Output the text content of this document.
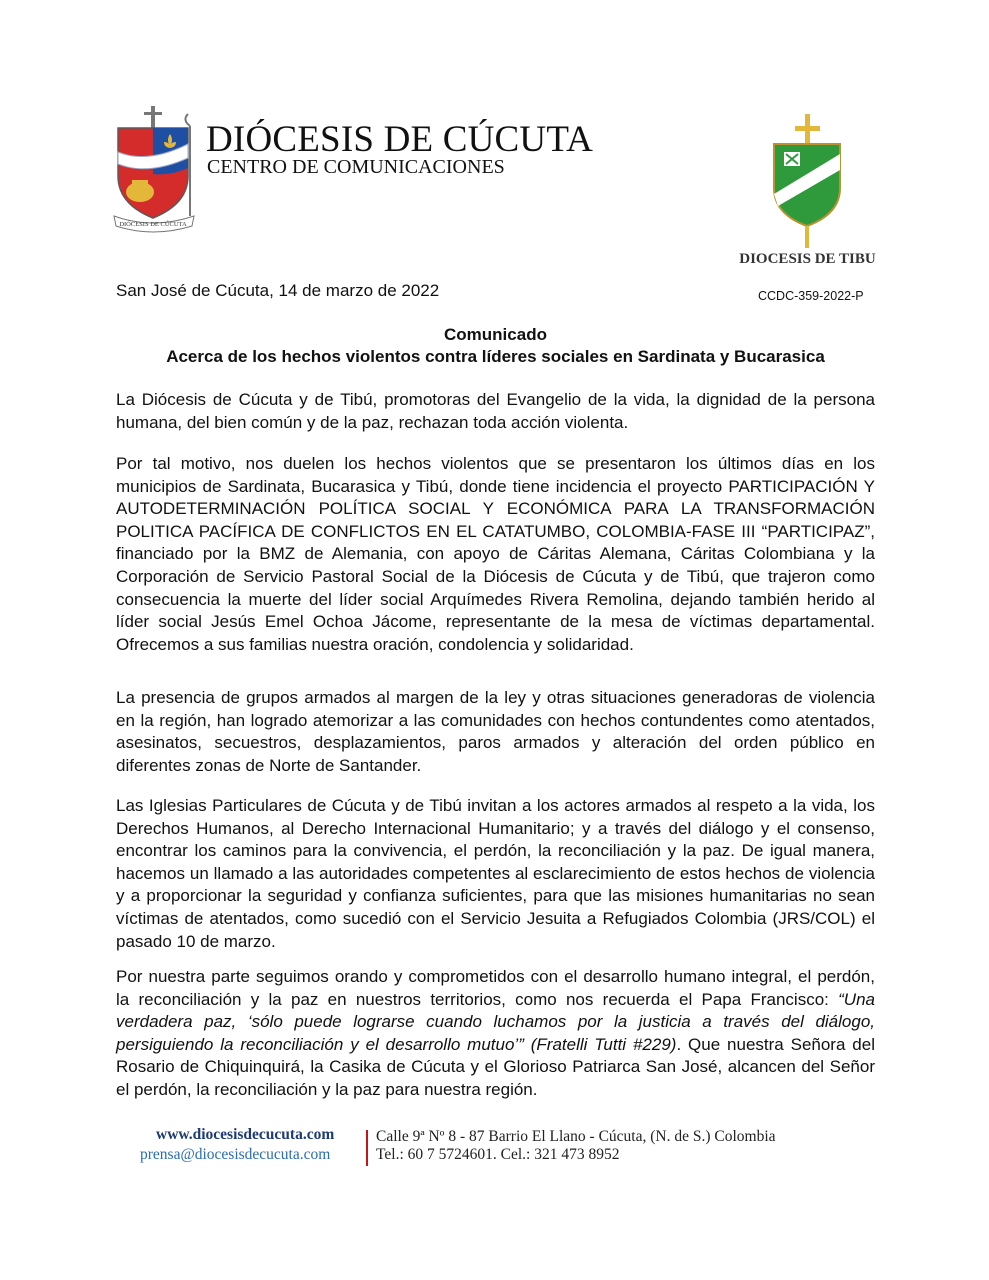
DIÓCESIS DE CÚCUTA
DIÓCESIS DE CÚCUTA
CENTRO DE COMUNICACIONES
DIOCESIS DE TIBU
San José de Cúcuta, 14 de marzo de 2022	CCDC-359-2022-P
Comunicado
Acerca de los hechos violentos contra líderes sociales en Sardinata y Bucarasica
La Diócesis de Cúcuta y de Tibú, promotoras del Evangelio de la vida, la dignidad de la persona humana, del bien común y de la paz, rechazan toda acción violenta.
Por tal motivo, nos duelen los hechos violentos que se presentaron los últimos días en los municipios de Sardinata, Bucarasica y Tibú, donde tiene incidencia el proyecto PARTICIPACIÓN Y AUTODETERMINACIÓN POLÍTICA SOCIAL Y ECONÓMICA PARA LA TRANSFORMACIÓN POLITICA PACÍFICA DE CONFLICTOS EN EL CATATUMBO, COLOMBIA-FASE III “PARTICIPAZ”, financiado por la BMZ de Alemania, con apoyo de Cáritas Alemana, Cáritas Colombiana y la Corporación de Servicio Pastoral Social de la Diócesis de Cúcuta y de Tibú, que trajeron como consecuencia la muerte del líder social Arquímedes Rivera Remolina, dejando también herido al líder social Jesús Emel Ochoa Jácome, representante de la mesa de víctimas departamental. Ofrecemos a sus familias nuestra oración, condolencia y solidaridad.
La presencia de grupos armados al margen de la ley y otras situaciones generadoras de violencia en la región, han logrado atemorizar a las comunidades con hechos contundentes como atentados, asesinatos, secuestros, desplazamientos, paros armados y alteración del orden público en diferentes zonas de Norte de Santander.
Las Iglesias Particulares de Cúcuta y de Tibú invitan a los actores armados al respeto a la vida, los Derechos Humanos, al Derecho Internacional Humanitario; y a través del diálogo y el consenso, encontrar los caminos para la convivencia, el perdón, la reconciliación y la paz. De igual manera, hacemos un llamado a las autoridades competentes al esclarecimiento de estos hechos de violencia y a proporcionar la seguridad y confianza suficientes, para que las misiones humanitarias no sean víctimas de atentados, como sucedió con el Servicio Jesuita a Refugiados Colombia (JRS/COL) el pasado 10 de marzo.
Por nuestra parte seguimos orando y comprometidos con el desarrollo humano integral, el perdón, la reconciliación y la paz en nuestros territorios, como nos recuerda el Papa Francisco: “Una verdadera paz, ‘sólo puede lograrse cuando luchamos por la justicia a través del diálogo, persiguiendo la reconciliación y el desarrollo mutuo’” (Fratelli Tutti #229). Que nuestra Señora del Rosario de Chiquinquirá, la Casika de Cúcuta y el Glorioso Patriarca San José, alcancen del Señor el perdón, la reconciliación y la paz para nuestra región.
www.diocesisdecucuta.com
prensa@diocesisdecucuta.com
Calle 9ª Nº 8 - 87 Barrio El Llano - Cúcuta, (N. de S.) Colombia
Tel.: 60 7 5724601. Cel.: 321 473 8952
